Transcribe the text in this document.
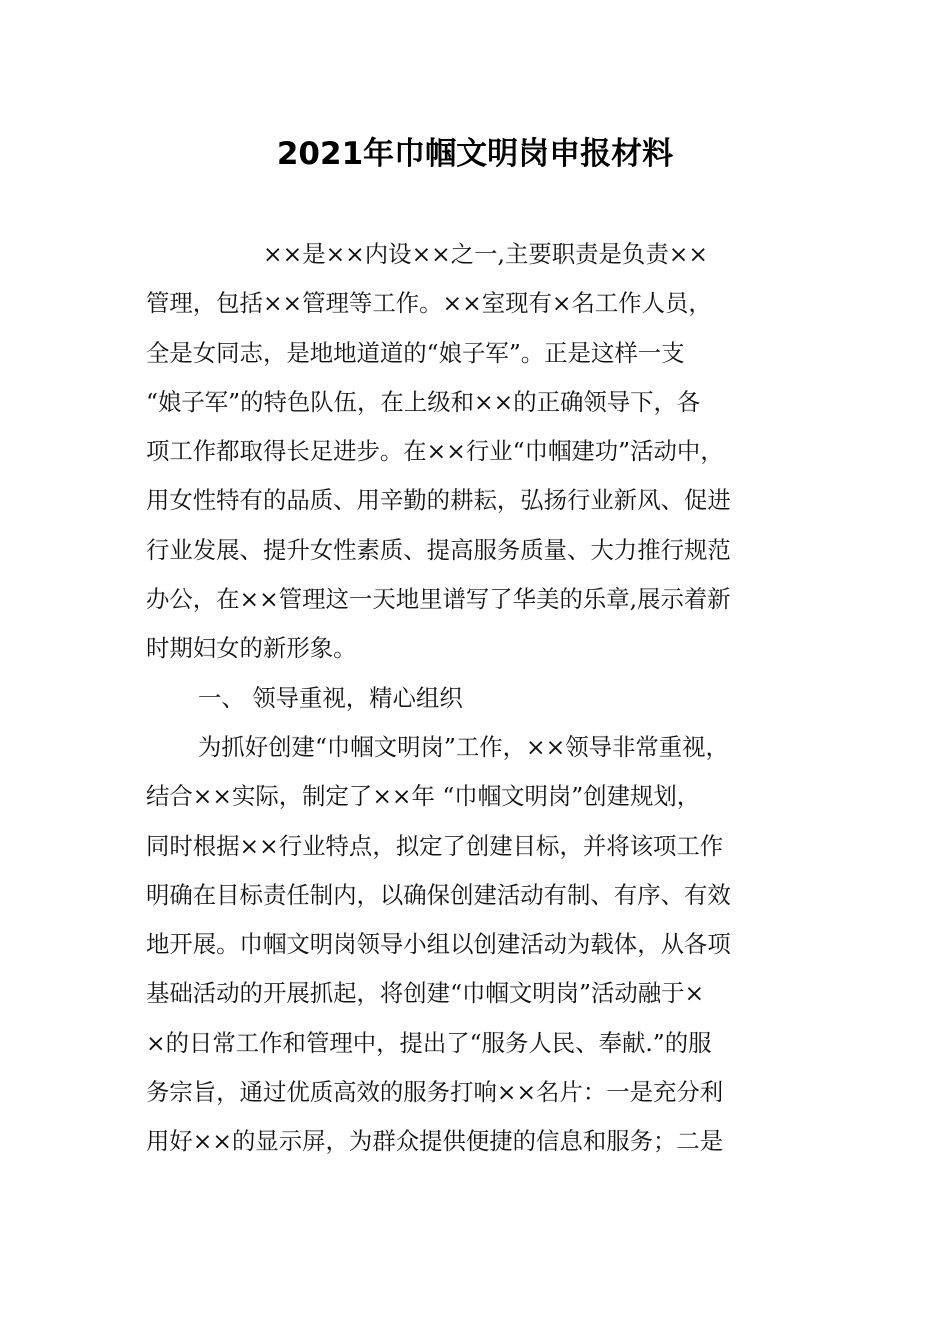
2021年巾帼文明岗申报材料
××是××内设××之一,主要职责是负责××
管理，包括××管理等工作。××室现有×名工作人员，
全是女同志，是地地道道的“娘子军”。正是这样一支
“娘子军”的特色队伍，在上级和××的正确领导下，各
项工作都取得长足进步。在××行业“巾帼建功”活动中，
用女性特有的品质、用辛勤的耕耘，弘扬行业新风、促进
行业发展、提升女性素质、提高服务质量、大力推行规范
办公，在××管理这一天地里谱写了华美的乐章,展示着新
时期妇女的新形象。
一、 领导重视，精心组织
为抓好创建“巾帼文明岗”工作，××领导非常重视，
结合××实际，制定了××年 “巾帼文明岗”创建规划，
同时根据××行业特点，拟定了创建目标，并将该项工作
明确在目标责任制内，以确保创建活动有制、有序、有效
地开展。巾帼文明岗领导小组以创建活动为载体，从各项
基础活动的开展抓起，将创建“巾帼文明岗”活动融于×
×的日常工作和管理中，提出了“服务人民、奉献.”的服
务宗旨，通过优质高效的服务打响××名片：一是充分利
用好××的显示屏，为群众提供便捷的信息和服务；二是
